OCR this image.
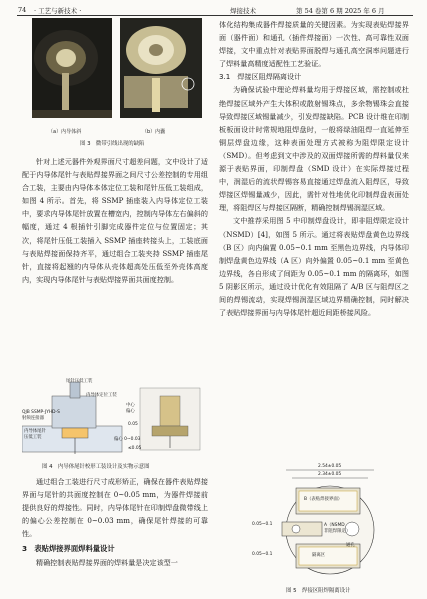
74 · 工艺与新技术 ·	焊接技术	第 54 卷第 6 期 2025 年 6 月
（a）内导体斜	（b）内囊
图 3　微带引线出现的缺陷

针对上述元器件外观界面尺寸超差问题，文中设计了适配于内导体尾针与表贴焊接界面之间尺寸公差控制的专用组合工装，主要由内导体本体定位工装和尾针压低工装组成，如图 4 所示。首先，将 SSMP 插座装入内导体定位工装中，要求内导体尾针放置在槽宽内，控制内导体左右偏斜的幅度，通过 4 根插针引脚完成器件定位与位置固定；其次，将尾针压低工装插入 SSMP 插座转接头上，工装底面与表贴焊接面保持齐平，通过组合工装夹持 SSMP 插座尾针，直接将起翘的内导体从壳体超高处压低至外壳体高度内，实现内导体尾针与表贴焊接界面共面度控制。

尾针压低工装
内导体定位工装
QJB SSMP-JYHD-S
射频连接器
内导体尾针
压低工装
中心
偏心
0.05
偏心 0~0.03
≤0.05
图 4　内导体尾针校形工装设计及实物示意图

通过组合工装进行尺寸成形矫正，确保在器件表贴焊接界面与尾针的共面度控制在 0~0.05 mm，为器件焊接前提供良好的焊接性。同时，内导体尾针在印制焊盘微带线上的偏心公差控制在 0~0.03 mm，确保尾针焊接的可靠性。

3　表贴焊接界面焊料量设计

精确控制表贴焊接界面的焊料量是决定该型一

体化结构集成器件焊接质量的关键因素。为实现表贴焊接界面（器件面）和通孔（插件焊接面）一次性、高可靠性双面焊接，文中重点针对表贴界面脱焊与通孔高空洞率问题进行了焊料量高精度适配性工艺验证。

3.1　焊接区阻焊隔离设计

为确保试验中理论焊料量均用于焊接区域，需控制或杜绝焊接区域外产生大体积或散射锡珠点，多余物锡珠会直接导致焊接区域锡量减少，引发焊接缺陷。PCB 设计维在印制板板面设计时常规地阻焊盘时，一般将绿油阻焊一直延伸至铜层焊盘边缘，这种表面处理方式被称为阻焊限定设计（SMD）。但考虑到文中涉及的双面焊接所需的焊料量仅来源于表贴界面，印制焊盘（SMD 设计）在实际焊接过程中，润湿后的流状焊锡容易直接通过焊盘流入阻焊区，导致焊接区焊锡量减少，因此，需针对性地优化印制焊盘表面处理，将阻焊区与焊接区隔断，精确控制焊锡润湿区域。

文中推荐采用图 5 中印制焊盘设计，即非阻焊限定设计（NSMD）[4]，如图 5 所示。通过将表贴焊盘黄色边界线（B 区）向内偏置 0.05~0.1 mm 至黑色边界线，内导体印制焊盘黄色边界线（A 区）向外偏置 0.05~0.1 mm 至黄色边界线，各自形成了间距为 0.05~0.1 mm 的隔离环，如图 5 阴影区所示，通过设计优化有效阻隔了 A/B 区与阻焊区之间的焊锡流动，实现焊锡润湿区域边界精确控制，同时解决了表贴焊接界面与内导体尾针超近间距桥接风险。

2.54±0.05
2.34±0.05
B（表贴焊接界面）
A（NSMD
非阻焊限定）
隔离区
通孔
0.05~0.1
0.05~0.1
图 5　焊接区阻焊隔离设计
